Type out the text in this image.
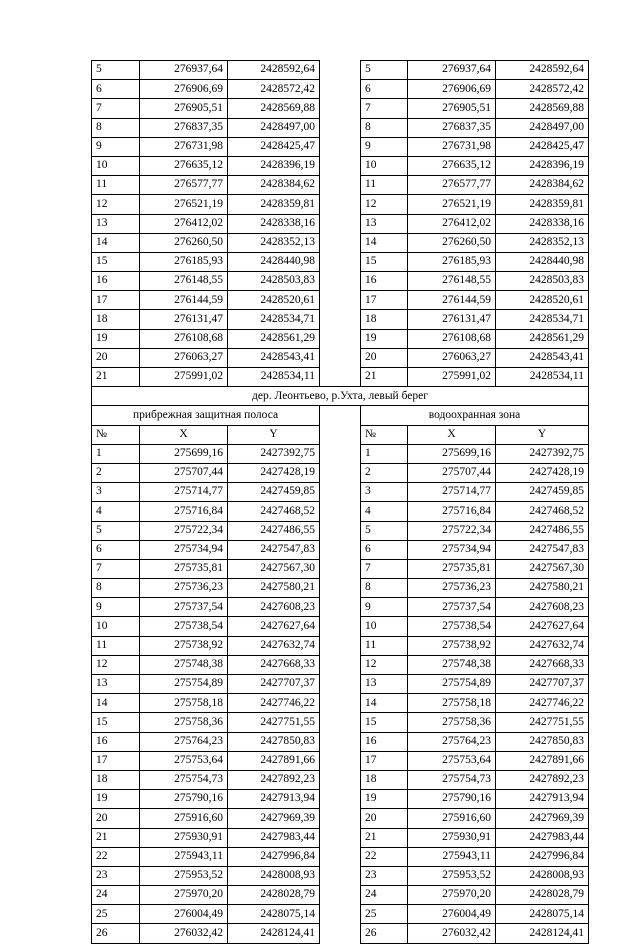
5	276937,64	2428592,64		5	276937,64	2428592,64
6	276906,69	2428572,42		6	276906,69	2428572,42
7	276905,51	2428569,88		7	276905,51	2428569,88
8	276837,35	2428497,00		8	276837,35	2428497,00
9	276731,98	2428425,47		9	276731,98	2428425,47
10	276635,12	2428396,19		10	276635,12	2428396,19
11	276577,77	2428384,62		11	276577,77	2428384,62
12	276521,19	2428359,81		12	276521,19	2428359,81
13	276412,02	2428338,16		13	276412,02	2428338,16
14	276260,50	2428352,13		14	276260,50	2428352,13
15	276185,93	2428440,98		15	276185,93	2428440,98
16	276148,55	2428503,83		16	276148,55	2428503,83
17	276144,59	2428520,61		17	276144,59	2428520,61
18	276131,47	2428534,71		18	276131,47	2428534,71
19	276108,68	2428561,29		19	276108,68	2428561,29
20	276063,27	2428543,41		20	276063,27	2428543,41
21	275991,02	2428534,11		21	275991,02	2428534,11
дер. Леонтьево, р.Ухта, левый берег						
прибрежная защитная полоса				водоохранная зона		
№	X	Y		№	X	Y
1	275699,16	2427392,75		1	275699,16	2427392,75
2	275707,44	2427428,19		2	275707,44	2427428,19
3	275714,77	2427459,85		3	275714,77	2427459,85
4	275716,84	2427468,52		4	275716,84	2427468,52
5	275722,34	2427486,55		5	275722,34	2427486,55
6	275734,94	2427547,83		6	275734,94	2427547,83
7	275735,81	2427567,30		7	275735,81	2427567,30
8	275736,23	2427580,21		8	275736,23	2427580,21
9	275737,54	2427608,23		9	275737,54	2427608,23
10	275738,54	2427627,64		10	275738,54	2427627,64
11	275738,92	2427632,74		11	275738,92	2427632,74
12	275748,38	2427668,33		12	275748,38	2427668,33
13	275754,89	2427707,37		13	275754,89	2427707,37
14	275758,18	2427746,22		14	275758,18	2427746,22
15	275758,36	2427751,55		15	275758,36	2427751,55
16	275764,23	2427850,83		16	275764,23	2427850,83
17	275753,64	2427891,66		17	275753,64	2427891,66
18	275754,73	2427892,23		18	275754,73	2427892,23
19	275790,16	2427913,94		19	275790,16	2427913,94
20	275916,60	2427969,39		20	275916,60	2427969,39
21	275930,91	2427983,44		21	275930,91	2427983,44
22	275943,11	2427996,84		22	275943,11	2427996,84
23	275953,52	2428008,93		23	275953,52	2428008,93
24	275970,20	2428028,79		24	275970,20	2428028,79
25	276004,49	2428075,14		25	276004,49	2428075,14
26	276032,42	2428124,41		26	276032,42	2428124,41
